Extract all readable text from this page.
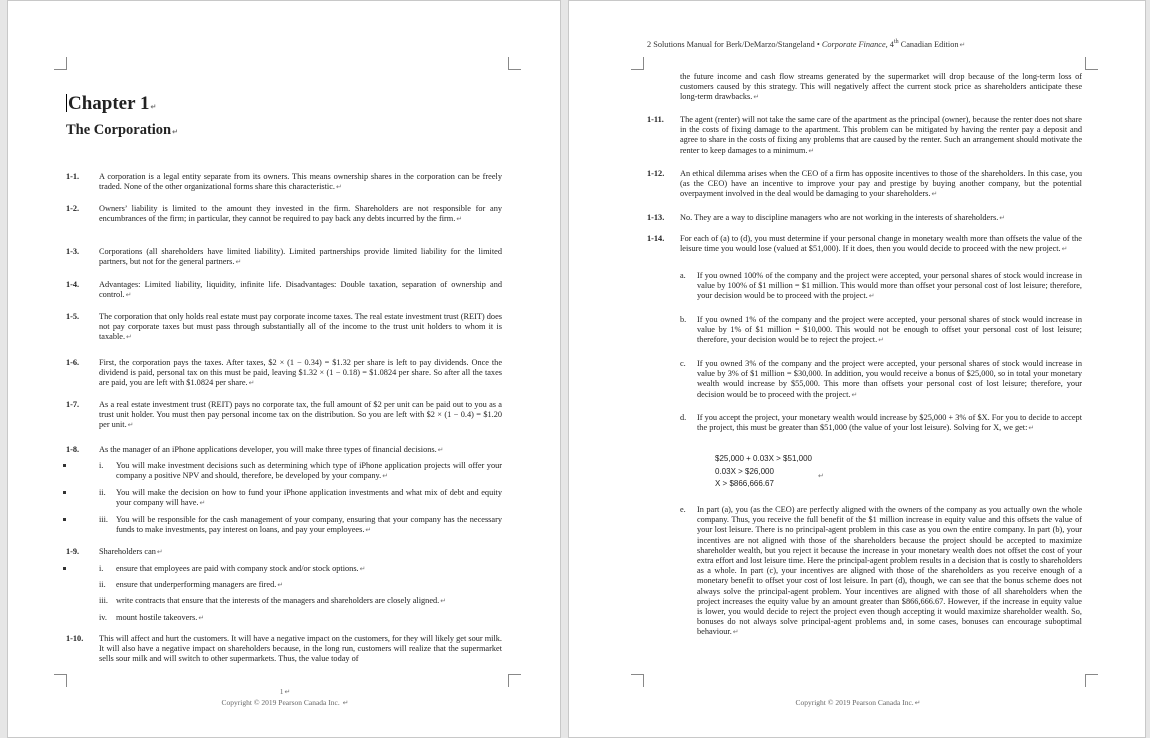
Chapter 1↵
The Corporation↵
1-1. A corporation is a legal entity separate from its owners. This means ownership shares in the corporation can be freely traded. None of the other organizational forms share this characteristic.↵
1-2. Owners’ liability is limited to the amount they invested in the firm. Shareholders are not responsible for any encumbrances of the firm; in particular, they cannot be required to pay back any debts incurred by the firm.↵
1-3. Corporations (all shareholders have limited liability). Limited partnerships provide limited liability for the limited partners, but not for the general partners.↵
1-4. Advantages: Limited liability, liquidity, infinite life. Disadvantages: Double taxation, separation of ownership and control.↵
1-5. The corporation that only holds real estate must pay corporate income taxes. The real estate investment trust (REIT) does not pay corporate taxes but must pass through substantially all of the income to the trust unit holders to whom it is taxable.↵
1-6. First, the corporation pays the taxes. After taxes, $2 × (1 − 0.34) = $1.32 per share is left to pay dividends. Once the dividend is paid, personal tax on this must be paid, leaving $1.32 × (1 − 0.18) = $1.0824 per share. So after all the taxes are paid, you are left with $1.0824 per share.↵
1-7. As a real estate investment trust (REIT) pays no corporate tax, the full amount of $2 per unit can be paid out to you as a trust unit holder. You must then pay personal income tax on the distribution. So you are left with $2 × (1 − 0.4) = $1.20 per unit.↵
1-8. As the manager of an iPhone applications developer, you will make three types of financial decisions.↵
i. You will make investment decisions such as determining which type of iPhone application projects will offer your company a positive NPV and should, therefore, be developed by your company.↵
ii. You will make the decision on how to fund your iPhone application investments and what mix of debt and equity your company will have.↵
iii. You will be responsible for the cash management of your company, ensuring that your company has the necessary funds to make investments, pay interest on loans, and pay your employees.↵
1-9. Shareholders can↵
i. ensure that employees are paid with company stock and/or stock options.↵
ii. ensure that underperforming managers are fired.↵
iii. write contracts that ensure that the interests of the managers and shareholders are closely aligned.↵
iv. mount hostile takeovers.↵
1-10. This will affect and hurt the customers. It will have a negative impact on the customers, for they will likely get sour milk. It will also have a negative impact on shareholders because, in the long run, customers will realize that the supermarket sells sour milk and will switch to other supermarkets. Thus, the value today of
1↵
Copyright © 2019 Pearson Canada Inc. ↵
2 Solutions Manual for Berk/DeMarzo/Stangeland • Corporate Finance, 4th Canadian Edition↵
the future income and cash flow streams generated by the supermarket will drop because of the long-term loss of customers caused by this strategy. This will negatively affect the current stock price as shareholders anticipate these long-term drawbacks.↵
1-11. The agent (renter) will not take the same care of the apartment as the principal (owner), because the renter does not share in the costs of fixing damage to the apartment. This problem can be mitigated by having the renter pay a deposit and agree to share in the costs of fixing any problems that are caused by the renter. Such an arrangement should motivate the renter to keep damages to a minimum.↵
1-12. An ethical dilemma arises when the CEO of a firm has opposite incentives to those of the shareholders. In this case, you (as the CEO) have an incentive to improve your pay and prestige by buying another company, but the potential overpayment involved in the deal would be damaging to your shareholders.↵
1-13. No. They are a way to discipline managers who are not working in the interests of shareholders.↵
1-14. For each of (a) to (d), you must determine if your personal change in monetary wealth more than offsets the value of the leisure time you would lose (valued at $51,000). If it does, then you would decide to proceed with the new project.↵
a. If you owned 100% of the company and the project were accepted, your personal shares of stock would increase in value by 100% of $1 million = $1 million. This would more than offset your personal cost of lost leisure; therefore, your decision would be to proceed with the project.↵
b. If you owned 1% of the company and the project were accepted, your personal shares of stock would increase in value by 1% of $1 million = $10,000. This would not be enough to offset your personal cost of lost leisure; therefore, your decision would be to reject the project.↵
c. If you owned 3% of the company and the project were accepted, your personal shares of stock would increase in value by 3% of $1 million = $30,000. In addition, you would receive a bonus of $25,000, so in total your monetary wealth would increase by $55,000. This more than offsets your personal cost of lost leisure; therefore, your decision would be to proceed with the project.↵
d. If you accept the project, your monetary wealth would increase by $25,000 + 3% of $X. For you to decide to accept the project, this must be greater than $51,000 (the value of your lost leisure). Solving for X, we get:↵
$25,000 + 0.03X > $51,000
0.03X > $26,000
X > $866,666.67
↵
e. In part (a), you (as the CEO) are perfectly aligned with the owners of the company as you actually own the whole company. Thus, you receive the full benefit of the $1 million increase in equity value and this offsets the value of your lost leisure. There is no principal-agent problem in this case as you own the entire company. In part (b), your incentives are not aligned with those of the shareholders because the project should be accepted to maximize shareholder wealth, but you reject it because the increase in your monetary wealth does not offset the cost of your extra effort and lost leisure time. Here the principal-agent problem results in a decision that is costly to shareholders as a whole. In part (c), your incentives are aligned with those of the shareholders as you receive enough of a monetary benefit to offset your cost of lost leisure. In part (d), though, we can see that the bonus scheme does not always solve the principal-agent problem. Your incentives are aligned with those of all shareholders when the project increases the equity value by an amount greater than $866,666.67. However, if the increase in equity value is lower, you would decide to reject the project even though accepting it would maximize shareholder wealth. So, bonuses do not always solve principal-agent problems and, in some cases, bonuses can encourage suboptimal behaviour.↵
Copyright © 2019 Pearson Canada Inc.↵
